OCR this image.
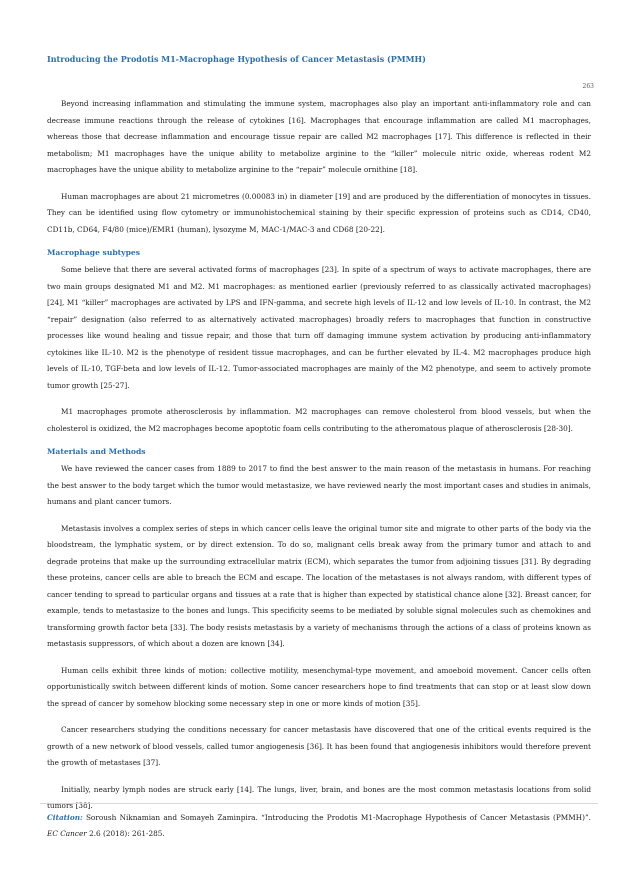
Introducing the Prodotis M1-Macrophage Hypothesis of Cancer Metastasis (PMMH)
263

Beyond increasing inflammation and stimulating the immune system, macrophages also play an important anti-inflammatory role and can decrease immune reactions through the release of cytokines [16]. Macrophages that encourage inflammation are called M1 macrophages, whereas those that decrease inflammation and encourage tissue repair are called M2 macrophages [17]. This difference is reflected in their metabolism; M1 macrophages have the unique ability to metabolize arginine to the “killer” molecule nitric oxide, whereas rodent M2 macrophages have the unique ability to metabolize arginine to the “repair” molecule ornithine [18].

Human macrophages are about 21 micrometres (0.00083 in) in diameter [19] and are produced by the differentiation of monocytes in tissues. They can be identified using flow cytometry or immunohistochemical staining by their specific expression of proteins such as CD14, CD40, CD11b, CD64, F4/80 (mice)/EMR1 (human), lysozyme M, MAC-1/MAC-3 and CD68 [20-22].

Macrophage subtypes

Some believe that there are several activated forms of macrophages [23]. In spite of a spectrum of ways to activate macrophages, there are two main groups designated M1 and M2. M1 macrophages: as mentioned earlier (previously referred to as classically activated macrophages) [24], M1 “killer” macrophages are activated by LPS and IFN-gamma, and secrete high levels of IL-12 and low levels of IL-10. In contrast, the M2 “repair” designation (also referred to as alternatively activated macrophages) broadly refers to macrophages that function in constructive processes like wound healing and tissue repair, and those that turn off damaging immune system activation by producing anti-inflammatory cytokines like IL-10. M2 is the phenotype of resident tissue macrophages, and can be further elevated by IL-4. M2 macrophages produce high levels of IL-10, TGF-beta and low levels of IL-12. Tumor-associated macrophages are mainly of the M2 phenotype, and seem to actively promote tumor growth [25-27].

M1 macrophages promote atherosclerosis by inflammation. M2 macrophages can remove cholesterol from blood vessels, but when the cholesterol is oxidized, the M2 macrophages become apoptotic foam cells contributing to the atheromatous plaque of atherosclerosis [28-30].

Materials and Methods

We have reviewed the cancer cases from 1889 to 2017 to find the best answer to the main reason of the metastasis in humans. For reaching the best answer to the body target which the tumor would metastasize, we have reviewed nearly the most important cases and studies in animals, humans and plant cancer tumors.

Metastasis involves a complex series of steps in which cancer cells leave the original tumor site and migrate to other parts of the body via the bloodstream, the lymphatic system, or by direct extension. To do so, malignant cells break away from the primary tumor and attach to and degrade proteins that make up the surrounding extracellular matrix (ECM), which separates the tumor from adjoining tissues [31]. By degrading these proteins, cancer cells are able to breach the ECM and escape. The location of the metastases is not always random, with different types of cancer tending to spread to particular organs and tissues at a rate that is higher than expected by statistical chance alone [32]. Breast cancer, for example, tends to metastasize to the bones and lungs. This specificity seems to be mediated by soluble signal molecules such as chemokines and transforming growth factor beta [33]. The body resists metastasis by a variety of mechanisms through the actions of a class of proteins known as metastasis suppressors, of which about a dozen are known [34].

Human cells exhibit three kinds of motion: collective motility, mesenchymal-type movement, and amoeboid movement. Cancer cells often opportunistically switch between different kinds of motion. Some cancer researchers hope to find treatments that can stop or at least slow down the spread of cancer by somehow blocking some necessary step in one or more kinds of motion [35].

Cancer researchers studying the conditions necessary for cancer metastasis have discovered that one of the critical events required is the growth of a new network of blood vessels, called tumor angiogenesis [36]. It has been found that angiogenesis inhibitors would therefore prevent the growth of metastases [37].

Initially, nearby lymph nodes are struck early [14]. The lungs, liver, brain, and bones are the most common metastasis locations from solid tumors [38].

Citation: Soroush Niknamian and Somayeh Zaminpira. “Introducing the Prodotis M1-Macrophage Hypothesis of Cancer Metastasis (PMMH)”. EC Cancer 2.6 (2018): 261-285.
